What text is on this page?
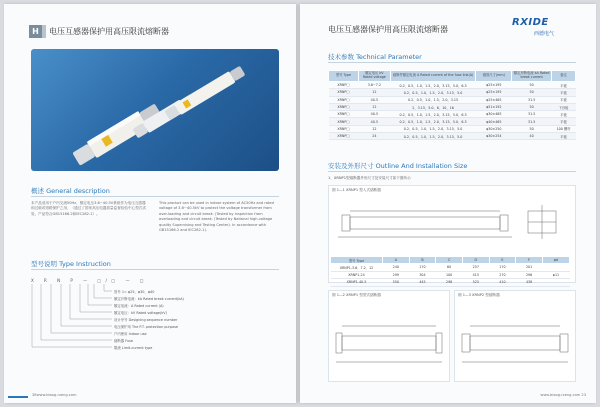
H	电压互感器保护用高压限流熔断器
概述 General description
本产品适用于户内交流50Hz、额定电压3.6~40.5V系统作为电压互感器和过载或短路保护之用，（通过了国家高压电器质量监督检验中心型式试验，产品符合GB15166.2和IEC282-1）。
This product can be used in indoor system of AC50Hz and rated voltage of 3.6~40.5kV to protect the voltage transformer from over-loading and circuit break. (Tested by inspection from overloading and circuit break. (Tested by National high-voltage quality Supervising and Testing Center). In accordance with GB15166.2 and IEC282-1).
型号说明 Type Instruction
X R N P — □/□ — □
管号 1= φ25、φ30、φ40
额定开断电流：kA Rated break current(kA)
额定电流：A Rated current (A)
额定电压：kV Rated voltage(kV)
设计序号 Designing sequence number
电压保护用 The P.T. protection purpose
户内使用 Indoor use
熔断器 Fuse
限流 Limit-current type
38www.biaog-rxeng.com
电压互感器保护用高压限流熔断器
RXIDE
西德电气
技术参数 Technical Parameter
型号 Type	额定电压 kV Rated voltage	熔断件额定电流 A Rated current of the fuse link(A)	熔管尺寸(mm)	额定开断电流 kA Rated break current	备注
XRNP□	3.6~7.2	0.2、0.5、1.0、1.5、2.0、3.15、5.0、6.3	φ25×195	50	平板
XRNP□	12	0.2、0.5、1.0、1.5、2.0、3.15、5.0	φ25×195	50	平板
XRNP□	40.5	0.2、0.5、1.0、1.5、2.0、3.15	φ25×465	31.5	平板
XRNP□	12	2、3.15、5.0、6、10、16	φ51×192	50	下沙板
XRNP□	40.5	0.2、0.5、1.0、1.5、2.0、3.15、5.0、6.3	φ30×465	31.5	平板
XRNP□	40.5	0.2、0.5、1.0、1.5、2.0、3.15、5.0、6.3	φ40×465	31.5	平板
XRNP□	12	0.2、0.5、1.0、1.5、2.0、3.15、5.0	φ30×250	50	100 槽杆
XRNP□	24	0.2、0.5、1.0、1.5、2.0、3.15、5.0	φ30×254	40	平板
安装及外形尺寸 Outline And Installation Size
1、XRNP1型熔断器外形尺寸及安装尺寸如下图所示
图 1—1 XRNP1 型入式熔断器
型号 Type	A	B	C	D	E	F	φd
XRNP1-3.6、7.2、12	240	170	60	257	170	201	
XRNP1-24	299	304	100	415	270	296	φ11
XRNP1-40.5	550	445	298	525	410	438	
图 1—2 XRNP1 型型式熔断器	图 1—3 XRNP2 型熔断器
www.biaog-rxeng.com 23
